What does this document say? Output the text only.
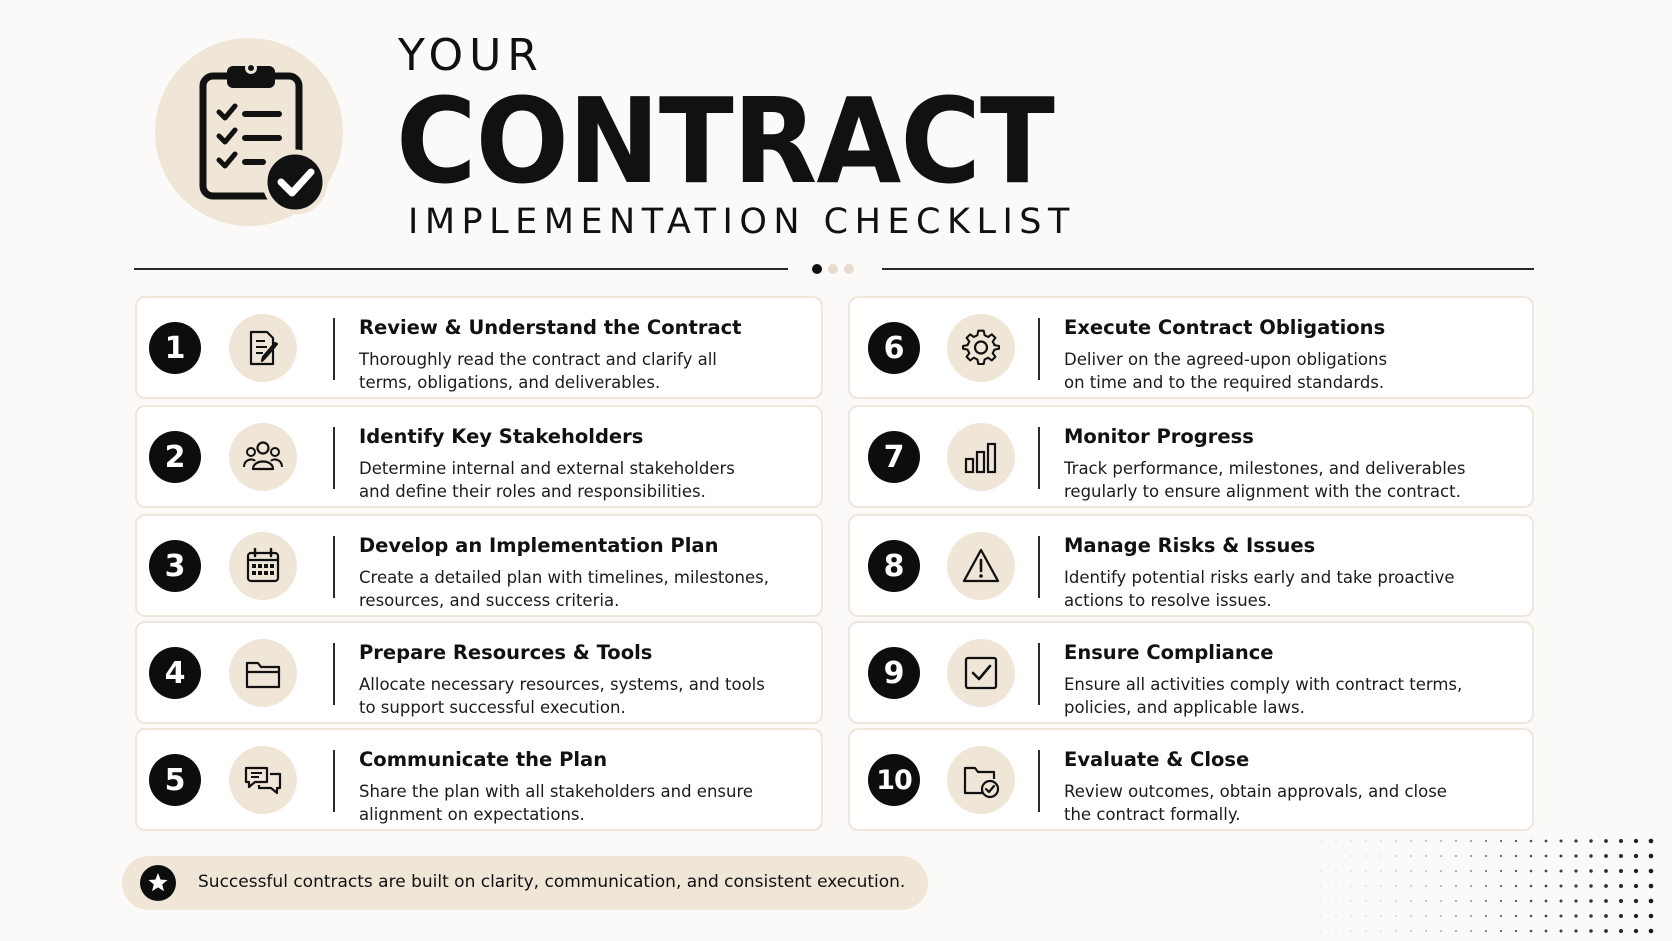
YOUR
CONTRACT
IMPLEMENTATION CHECKLIST
1
Review & Understand the Contract
Thoroughly read the contract and clarify all
terms, obligations, and deliverables.
2
Identify Key Stakeholders
Determine internal and external stakeholders
and define their roles and responsibilities.
3
Develop an Implementation Plan
Create a detailed plan with timelines, milestones,
resources, and success criteria.
4
Prepare Resources & Tools
Allocate necessary resources, systems, and tools
to support successful execution.
5
Communicate the Plan
Share the plan with all stakeholders and ensure
alignment on expectations.
6
Execute Contract Obligations
Deliver on the agreed-upon obligations
on time and to the required standards.
7
Monitor Progress
Track performance, milestones, and deliverables
regularly to ensure alignment with the contract.
8
Manage Risks & Issues
Identify potential risks early and take proactive
actions to resolve issues.
9
Ensure Compliance
Ensure all activities comply with contract terms,
policies, and applicable laws.
10
Evaluate & Close
Review outcomes, obtain approvals, and close
the contract formally.
Successful contracts are built on clarity, communication, and consistent execution.
